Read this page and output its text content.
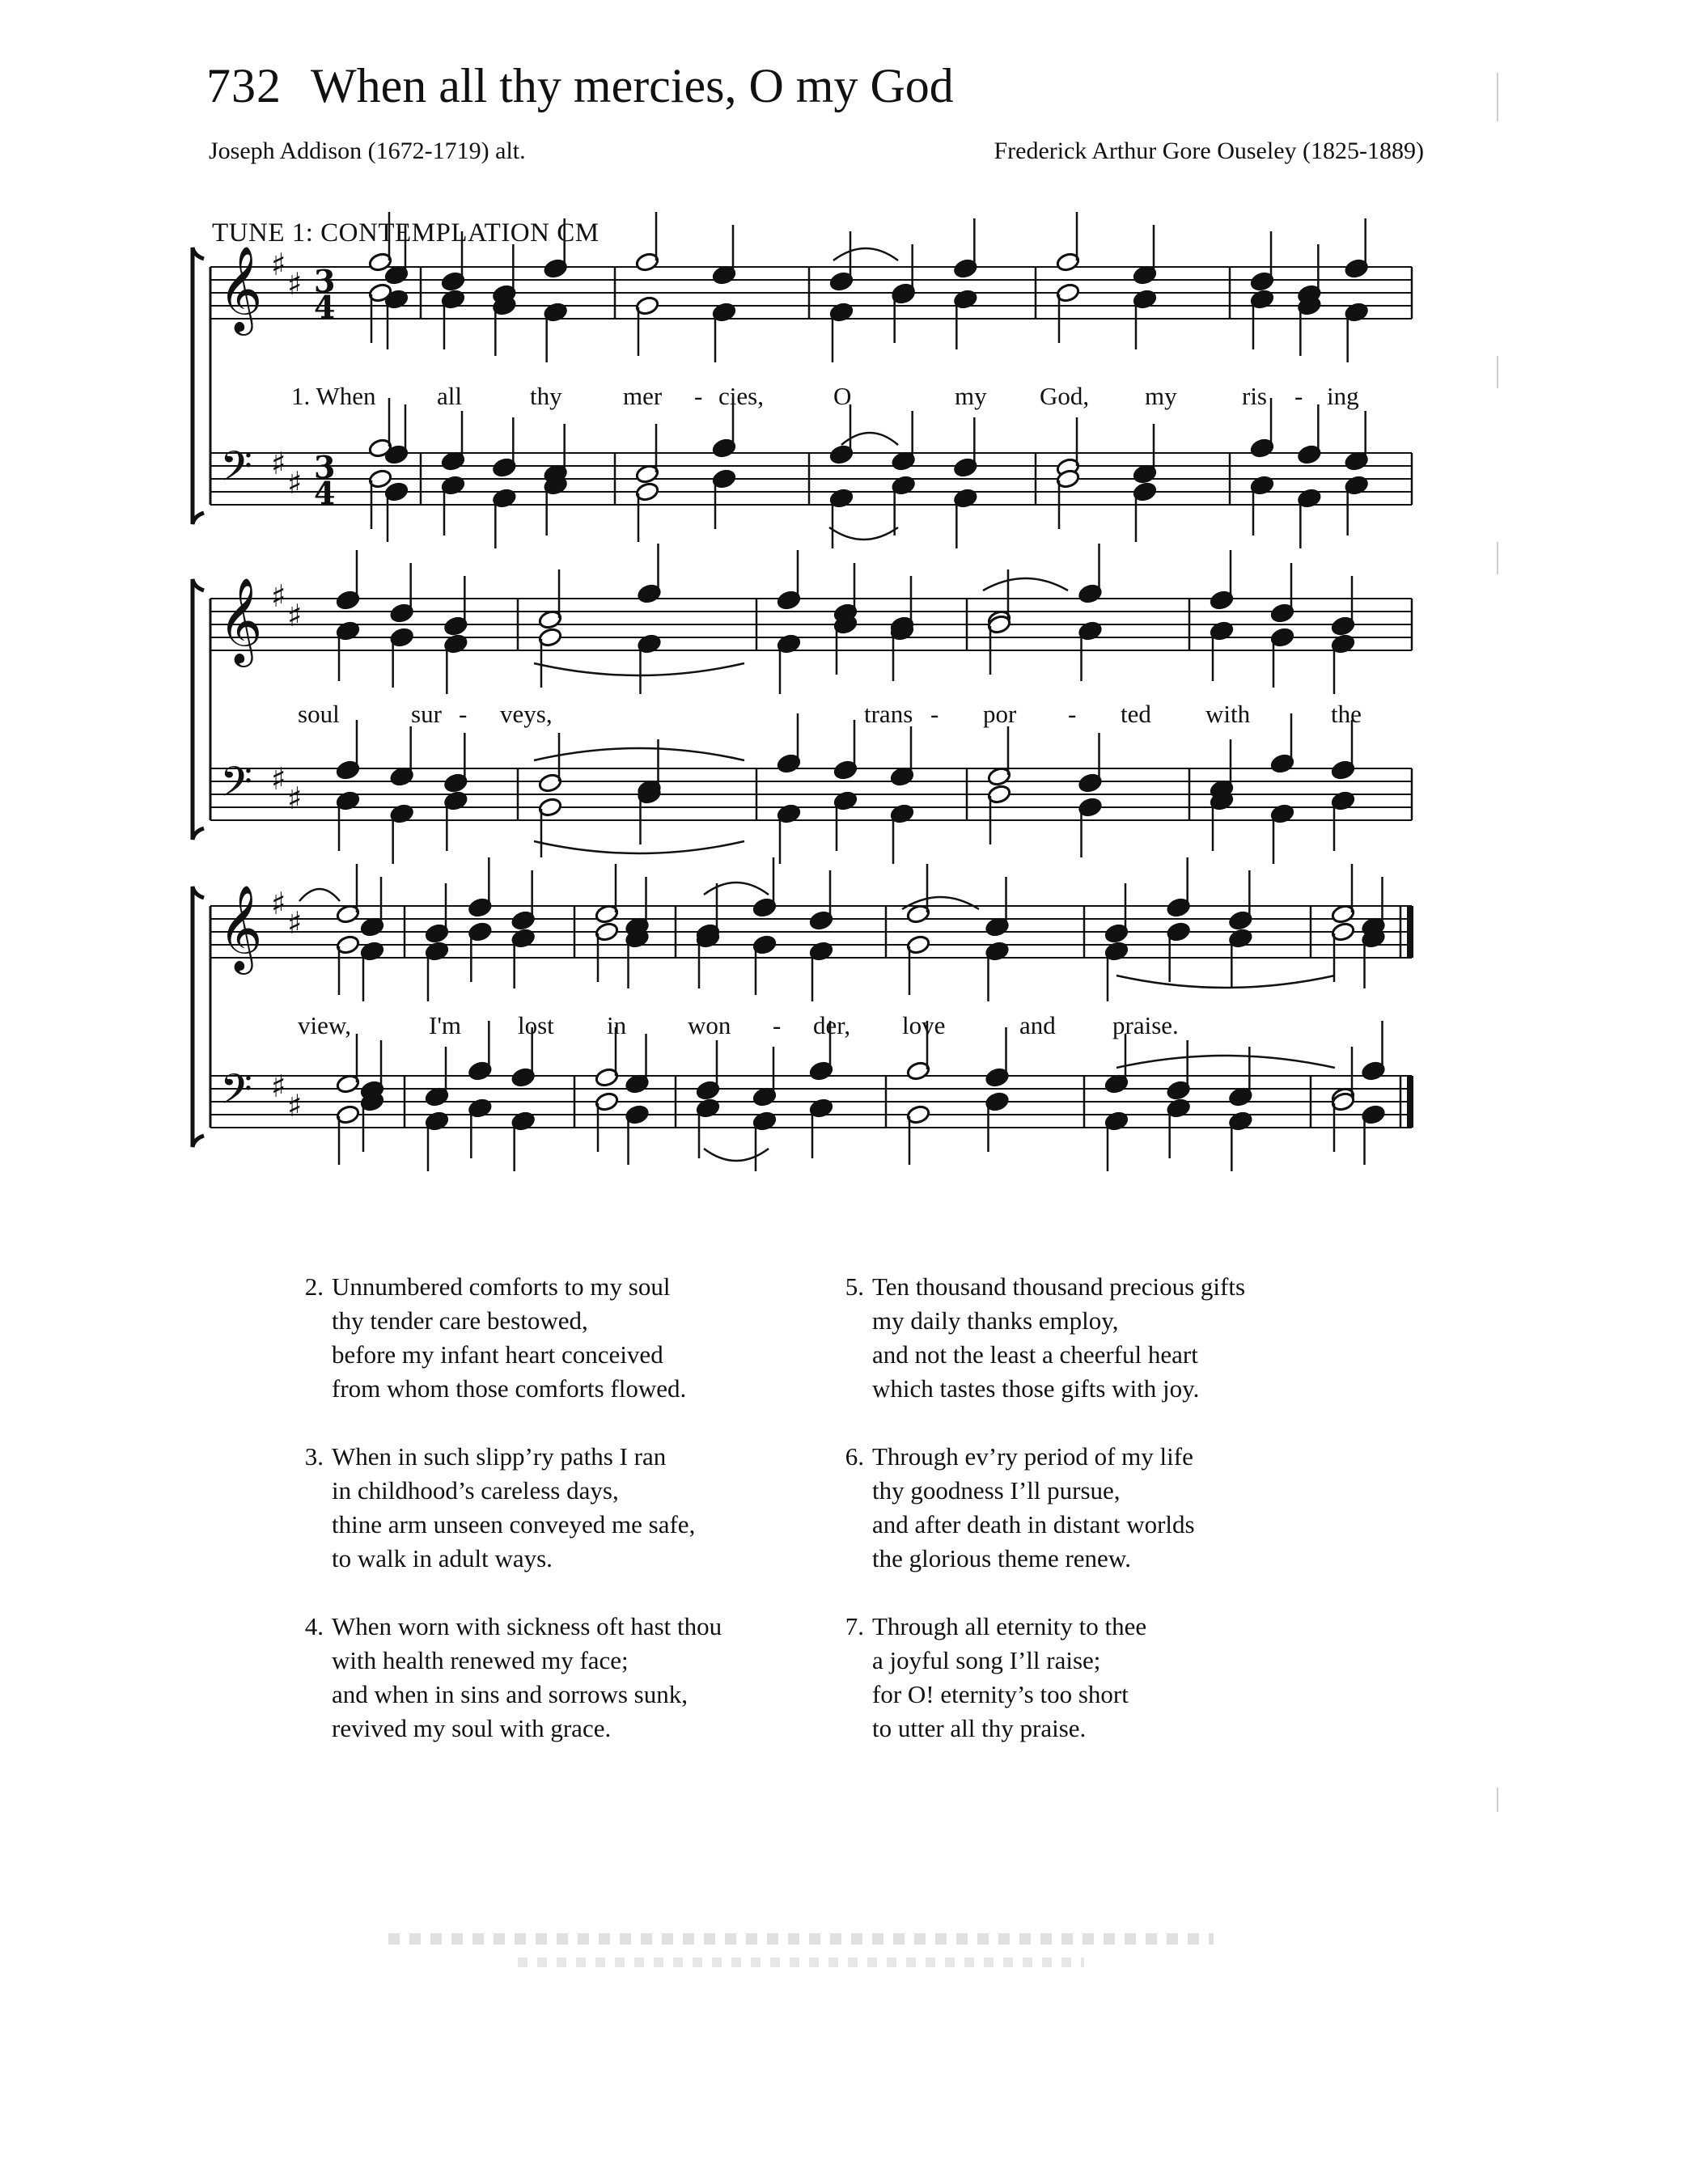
732 When all thy mercies, O my God
Joseph Addison (1672-1719) alt.	Frederick Arthur Gore Ouseley (1825-1889)
TUNE 1: CONTEMPLATION CM
𝄞
𝄢
♯
♯
♯
♯
3
4
3
4
𝄞
𝄢
♯
♯
♯
♯
𝄞
𝄢
♯
♯
♯
♯
1. When all	thy mer - cies,	O	my God, my	ris - ing
soul	sur - veys,	trans - por - ted with	the
view,	I'm lost in won - der, love	and praise.
2. Unnumbered comforts to my soul
thy tender care bestowed,
before my infant heart conceived
from whom those comforts flowed.
3. When in such slipp’ry paths I ran
in childhood’s careless days,
thine arm unseen conveyed me safe,
to walk in adult ways.
4. When worn with sickness oft hast thou
with health renewed my face;
and when in sins and sorrows sunk,
revived my soul with grace.
5. Ten thousand thousand precious gifts
my daily thanks employ,
and not the least a cheerful heart
which tastes those gifts with joy.
6. Through ev’ry period of my life
thy goodness I’ll pursue,
and after death in distant worlds
the glorious theme renew.
7. Through all eternity to thee
a joyful song I’ll raise;
for O! eternity’s too short
to utter all thy praise.
